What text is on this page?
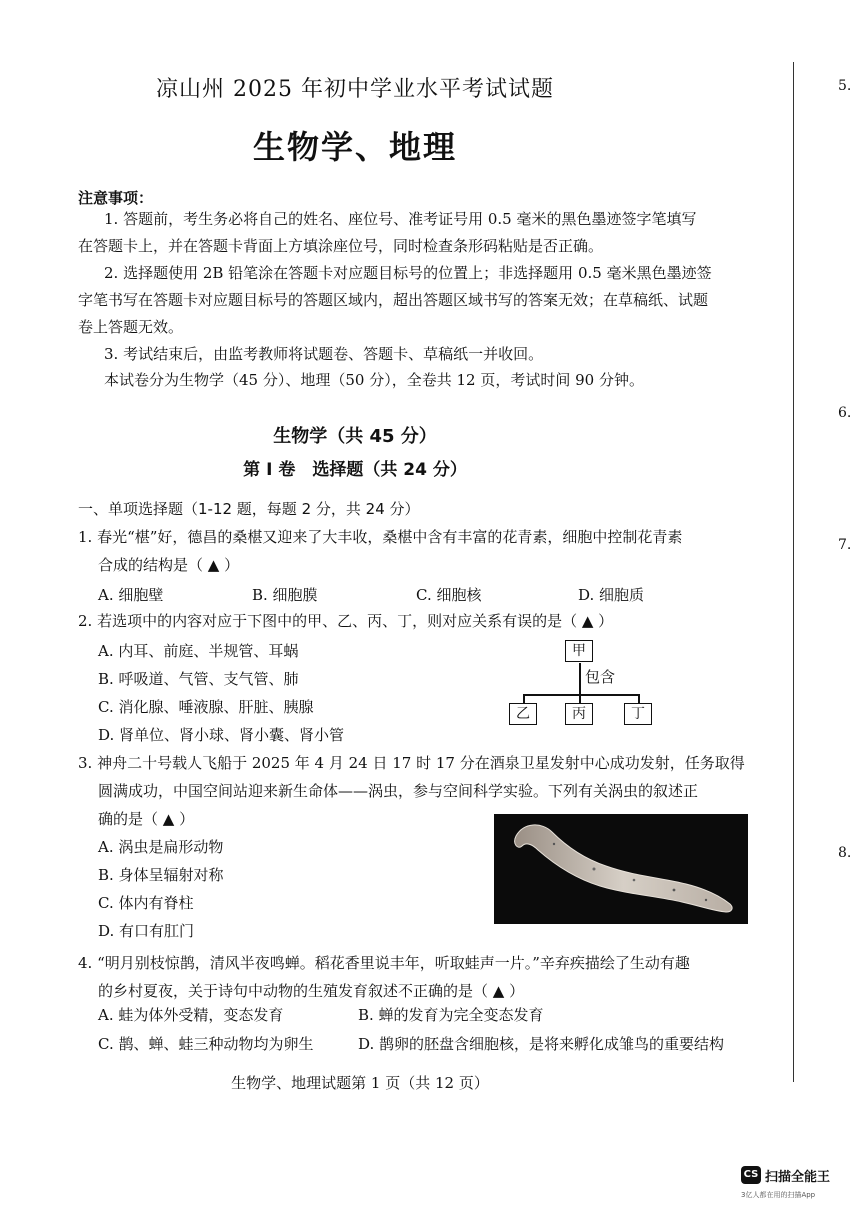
凉山州 2025 年初中学业水平考试试题
生物学、地理
注意事项：
1. 答题前，考生务必将自己的姓名、座位号、准考证号用 0.5 毫米的黑色墨迹签字笔填写
在答题卡上，并在答题卡背面上方填涂座位号，同时检查条形码粘贴是否正确。
2. 选择题使用 2B 铅笔涂在答题卡对应题目标号的位置上；非选择题用 0.5 毫米黑色墨迹签
字笔书写在答题卡对应题目标号的答题区域内，超出答题区域书写的答案无效；在草稿纸、试题
卷上答题无效。
3. 考试结束后，由监考教师将试题卷、答题卡、草稿纸一并收回。
本试卷分为生物学（45 分）、地理（50 分），全卷共 12 页，考试时间 90 分钟。
生物学（共 45 分）
第 I 卷　选择题（共 24 分）
一、单项选择题（1-12 题，每题 2 分，共 24 分）
1. 春光“椹”好，德昌的桑椹又迎来了大丰收，桑椹中含有丰富的花青素，细胞中控制花青素
合成的结构是（ ▲ ）
A. 细胞壁	B. 细胞膜	C. 细胞核	D. 细胞质
2. 若选项中的内容对应于下图中的甲、乙、丙、丁，则对应关系有误的是（ ▲ ）
A. 内耳、前庭、半规管、耳蜗
B. 呼吸道、气管、支气管、肺
C. 消化腺、唾液腺、肝脏、胰腺
D. 肾单位、肾小球、肾小囊、肾小管
甲
包含
乙	丙	丁
3. 神舟二十号载人飞船于 2025 年 4 月 24 日 17 时 17 分在酒泉卫星发射中心成功发射，任务取得
圆满成功，中国空间站迎来新生命体——涡虫，参与空间科学实验。下列有关涡虫的叙述正
确的是（ ▲ ）
A. 涡虫是扁形动物
B. 身体呈辐射对称
C. 体内有脊柱
D. 有口有肛门
4. “明月别枝惊鹊，清风半夜鸣蝉。稻花香里说丰年，听取蛙声一片。”辛弃疾描绘了生动有趣
的乡村夏夜，关于诗句中动物的生殖发育叙述不正确的是（ ▲ ）
A. 蛙为体外受精，变态发育	B. 蝉的发育为完全变态发育
C. 鹊、蝉、蛙三种动物均为卵生	D. 鹊卵的胚盘含细胞核，是将来孵化成雏鸟的重要结构
生物学、地理试题第 1 页（共 12 页）
5.
6.
7.
8.
CS 扫描全能王
3亿人都在用的扫描App
